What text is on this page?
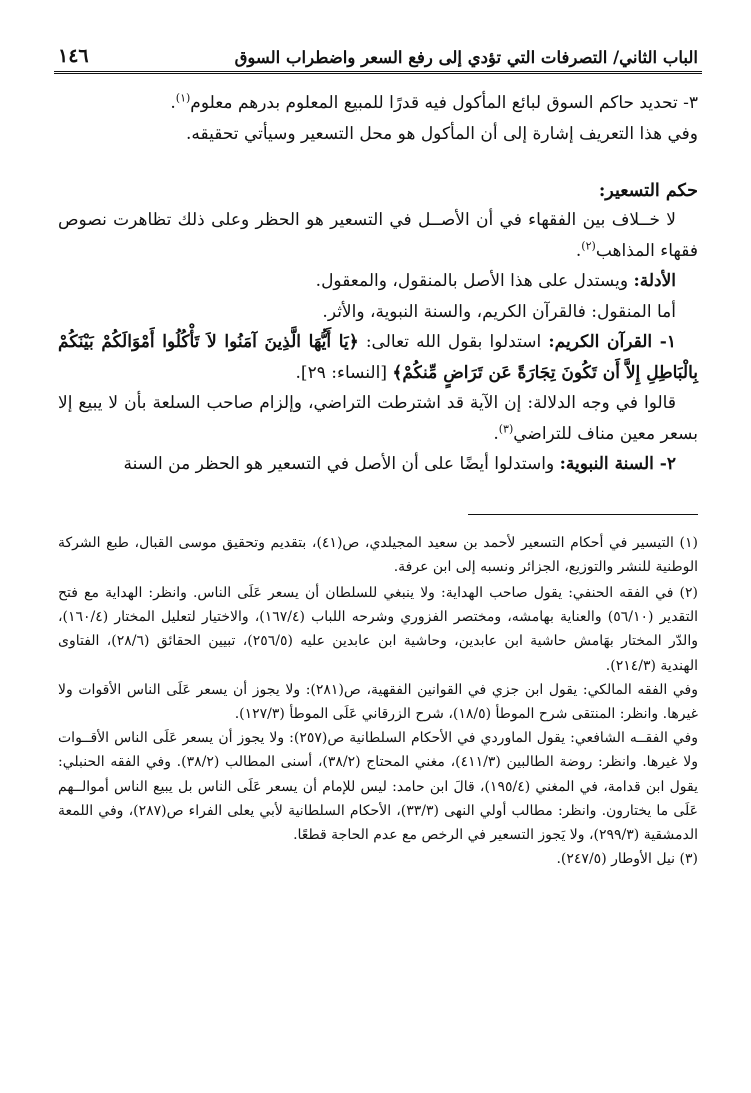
الباب الثاني/ التصرفات التي تؤدي إلى رفع السعر واضطراب السوق
١٤٦

٣- تحديد حاكم السوق لبائع المأكول فيه قدرًا للمبيع المعلوم بدرهم معلوم$^{(١)}$.

وفي هذا التعريف إشارة إلى أن المأكول هو محل التسعير وسيأتي تحقيقه.

حكم التسعير:

لا خــلاف بين الفقهاء في أن الأصــل في التسعير هو الحظر وعلى ذلك تظاهرت نصوص فقهاء المذاهب$^{(٢)}$.

الأدلة: ويستدل على هذا الأصل بالمنقول، والمعقول.

أما المنقول: فالقرآن الكريم، والسنة النبوية، والأثر.

١- القرآن الكريم: استدلوا بقول الله تعالى: ﴿يَا أَيُّهَا الَّذِينَ آمَنُوا لاَ تَأْكُلُوا أَمْوَالَكُمْ بَيْنَكُمْ بِالْبَاطِلِ إِلاَّ أَن تَكُونَ تِجَارَةً عَن تَرَاضٍ مِّنكُمْ﴾ [النساء: ٢٩].

قالوا في وجه الدلالة: إن الآية قد اشترطت التراضي، وإلزام صاحب السلعة بأن لا يبيع إلا بسعر معين مناف للتراضي$^{(٣)}$.

٢- السنة النبوية: واستدلوا أيضًا على أن الأصل في التسعير هو الحظر من السنة

(١) التيسير في أحكام التسعير لأحمد بن سعيد المجيلدي، ص(٤١)، بتقديم وتحقيق موسى القبال، طبع الشركة الوطنية للنشر والتوزيع، الجزائر ونسبه إلى ابن عرفة.

(٢) في الفقه الحنفي: يقول صاحب الهداية: ولا ينبغي للسلطان أن يسعر عَلَى الناس. وانظر: الهداية مع فتح التقدير (٥٦/١٠) والعناية بهامشه، ومختصر الفزوري وشرحه اللباب (١٦٧/٤)، والاختيار لتعليل المختار (١٦٠/٤)، والدّر المختار بهَامش حاشية ابن عابدين، وحاشية ابن عابدين عليه (٢٥٦/٥)، تبيين الحقائق (٢٨/٦)، الفتاوى الهندية (٢١٤/٣).

وفي الفقه المالكي: يقول ابن جزي في القوانين الفقهية، ص(٢٨١): ولا يجوز أن يسعر عَلَى الناس الأقوات ولا غيرها. وانظر: المنتقى شرح الموطأ (١٨/٥)، شرح الزرقاني عَلَى الموطأ (١٢٧/٣).

وفي الفقــه الشافعي: يقول الماوردي في الأحكام السلطانية ص(٢٥٧): ولا يجوز أن يسعر عَلَى الناس الأقــوات ولا غيرها. وانظر: روضة الطالبين (٤١١/٣)، مغني المحتاج (٣٨/٢)، أسنى المطالب (٣٨/٢). وفي الفقه الحنبلي: يقول ابن قدامة، في المغني (١٩٥/٤)، قالَ ابن حامد: ليس للإمام أن يسعر عَلَى الناس بل يبيع الناس أموالــهم عَلَى ما يختارون. وانظر: مطالب أولي النهى (٣٣/٣)، الأحكام السلطانية لأبي يعلى الفراء ص(٢٨٧)، وفي اللمعة الدمشقية (٢٩٩/٣)، ولا يَجوز التسعير في الرخص مع عدم الحاجة قطعًا.

(٣) نيل الأوطار (٢٤٧/٥).
